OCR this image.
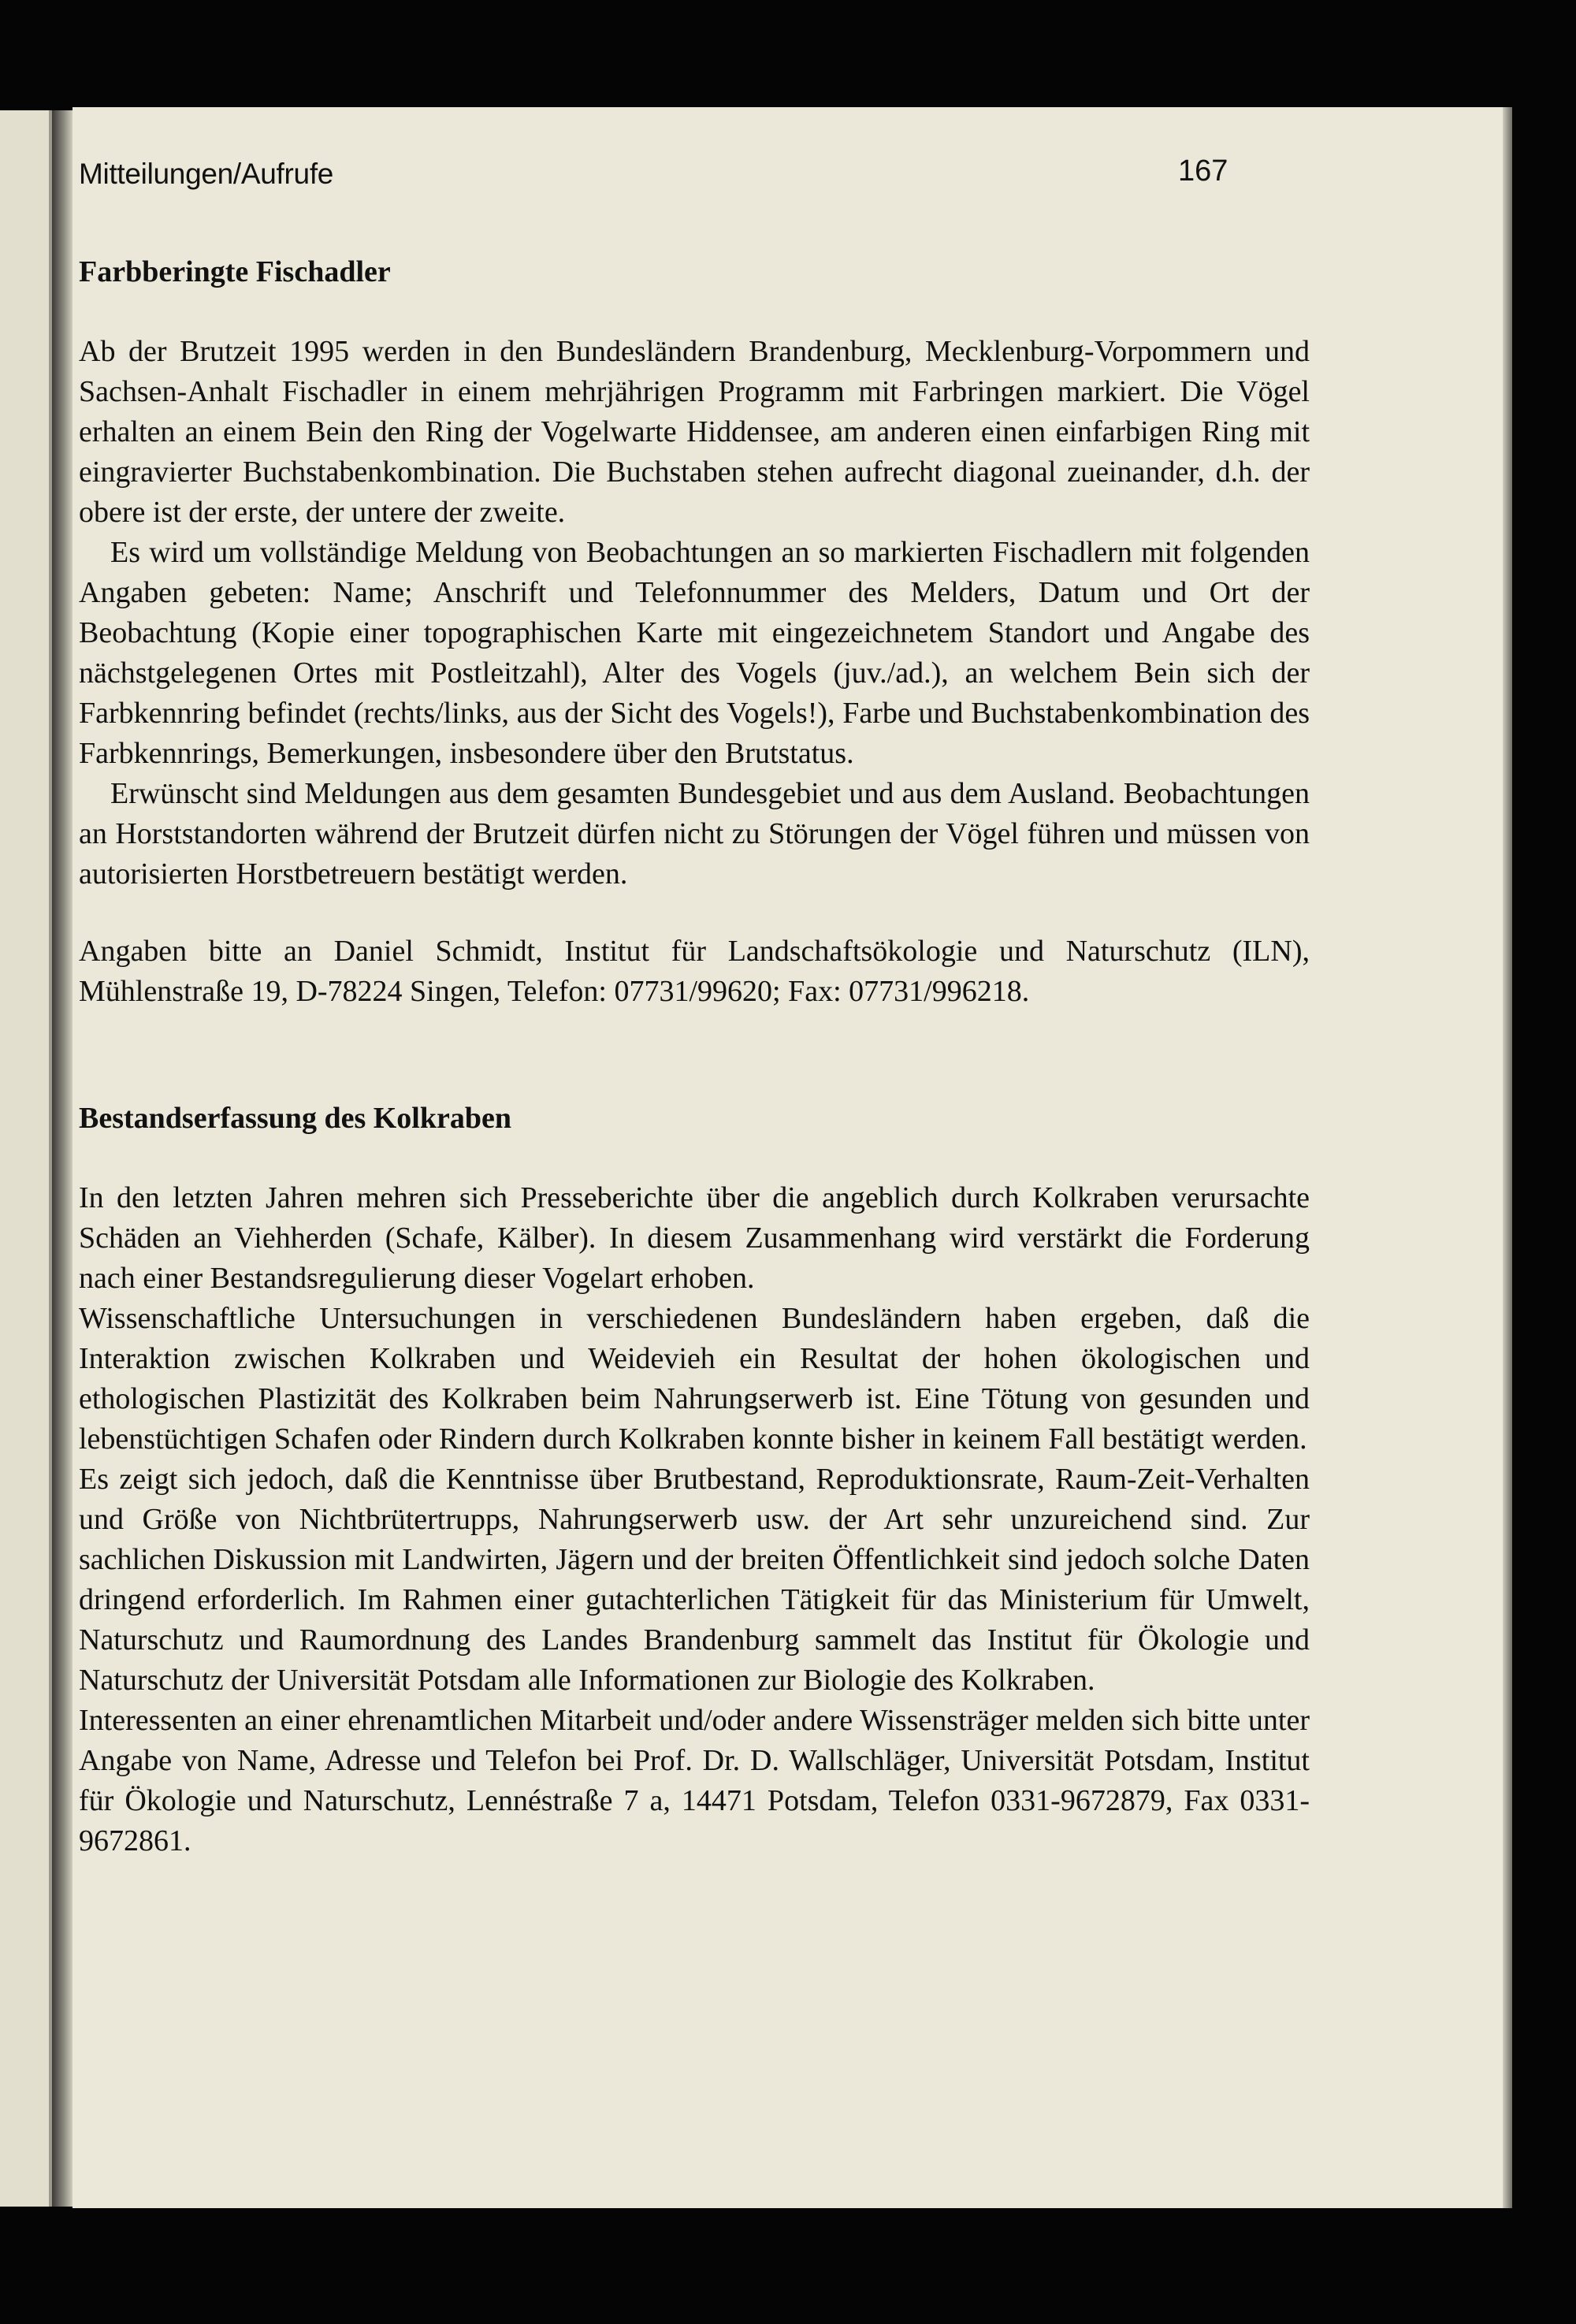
Mitteilungen/Aufrufe	167
Farbberingte Fischadler

Ab der Brutzeit 1995 werden in den Bundesländern Brandenburg, Mecklenburg-Vorpommern und Sachsen-Anhalt Fischadler in einem mehrjährigen Programm mit Farbringen markiert. Die Vögel erhalten an einem Bein den Ring der Vogelwarte Hiddensee, am anderen einen einfarbigen Ring mit eingravierter Buchstabenkombination. Die Buchstaben stehen aufrecht diagonal zueinander, d.h. der obere ist der erste, der untere der zweite.

Es wird um vollständige Meldung von Beobachtungen an so markierten Fischadlern mit folgenden Angaben gebeten: Name; Anschrift und Telefonnummer des Melders, Datum und Ort der Beobachtung (Kopie einer topographischen Karte mit eingezeichnetem Standort und Angabe des nächstgelegenen Ortes mit Postleitzahl), Alter des Vogels (juv./ad.), an welchem Bein sich der Farbkennring befindet (rechts/links, aus der Sicht des Vogels!), Farbe und Buchstabenkombination des Farbkennrings, Bemerkungen, insbesondere über den Brutstatus.

Erwünscht sind Meldungen aus dem gesamten Bundesgebiet und aus dem Ausland. Beobachtungen an Horststandorten während der Brutzeit dürfen nicht zu Störungen der Vögel führen und müssen von autorisierten Horstbetreuern bestätigt werden.

Angaben bitte an Daniel Schmidt, Institut für Landschaftsökologie und Naturschutz (ILN), Mühlenstraße 19, D-78224 Singen, Telefon: 07731/99620; Fax: 07731/996218.

Bestandserfassung des Kolkraben

In den letzten Jahren mehren sich Presseberichte über die angeblich durch Kolkraben verursachte Schäden an Viehherden (Schafe, Kälber). In diesem Zusammenhang wird verstärkt die Forderung nach einer Bestandsregulierung dieser Vogelart erhoben.

Wissenschaftliche Untersuchungen in verschiedenen Bundesländern haben ergeben, daß die Interaktion zwischen Kolkraben und Weidevieh ein Resultat der hohen ökologischen und ethologischen Plastizität des Kolkraben beim Nahrungserwerb ist. Eine Tötung von gesunden und lebenstüchtigen Schafen oder Rindern durch Kolkraben konnte bisher in keinem Fall bestätigt werden.

Es zeigt sich jedoch, daß die Kenntnisse über Brutbestand, Reproduktionsrate, Raum-Zeit-Verhalten und Größe von Nichtbrütertrupps, Nahrungserwerb usw. der Art sehr unzureichend sind. Zur sachlichen Diskussion mit Landwirten, Jägern und der breiten Öffentlichkeit sind jedoch solche Daten dringend erforderlich. Im Rahmen einer gutachterlichen Tätigkeit für das Ministerium für Umwelt, Naturschutz und Raumordnung des Landes Brandenburg sammelt das Institut für Ökologie und Naturschutz der Universität Potsdam alle Informationen zur Biologie des Kolkraben.

Interessenten an einer ehrenamtlichen Mitarbeit und/oder andere Wissensträger melden sich bitte unter Angabe von Name, Adresse und Telefon bei Prof. Dr. D. Wallschläger, Universität Potsdam, Institut für Ökologie und Naturschutz, Lennéstraße 7 a, 14471 Potsdam, Telefon 0331-9672879, Fax 0331-9672861.
